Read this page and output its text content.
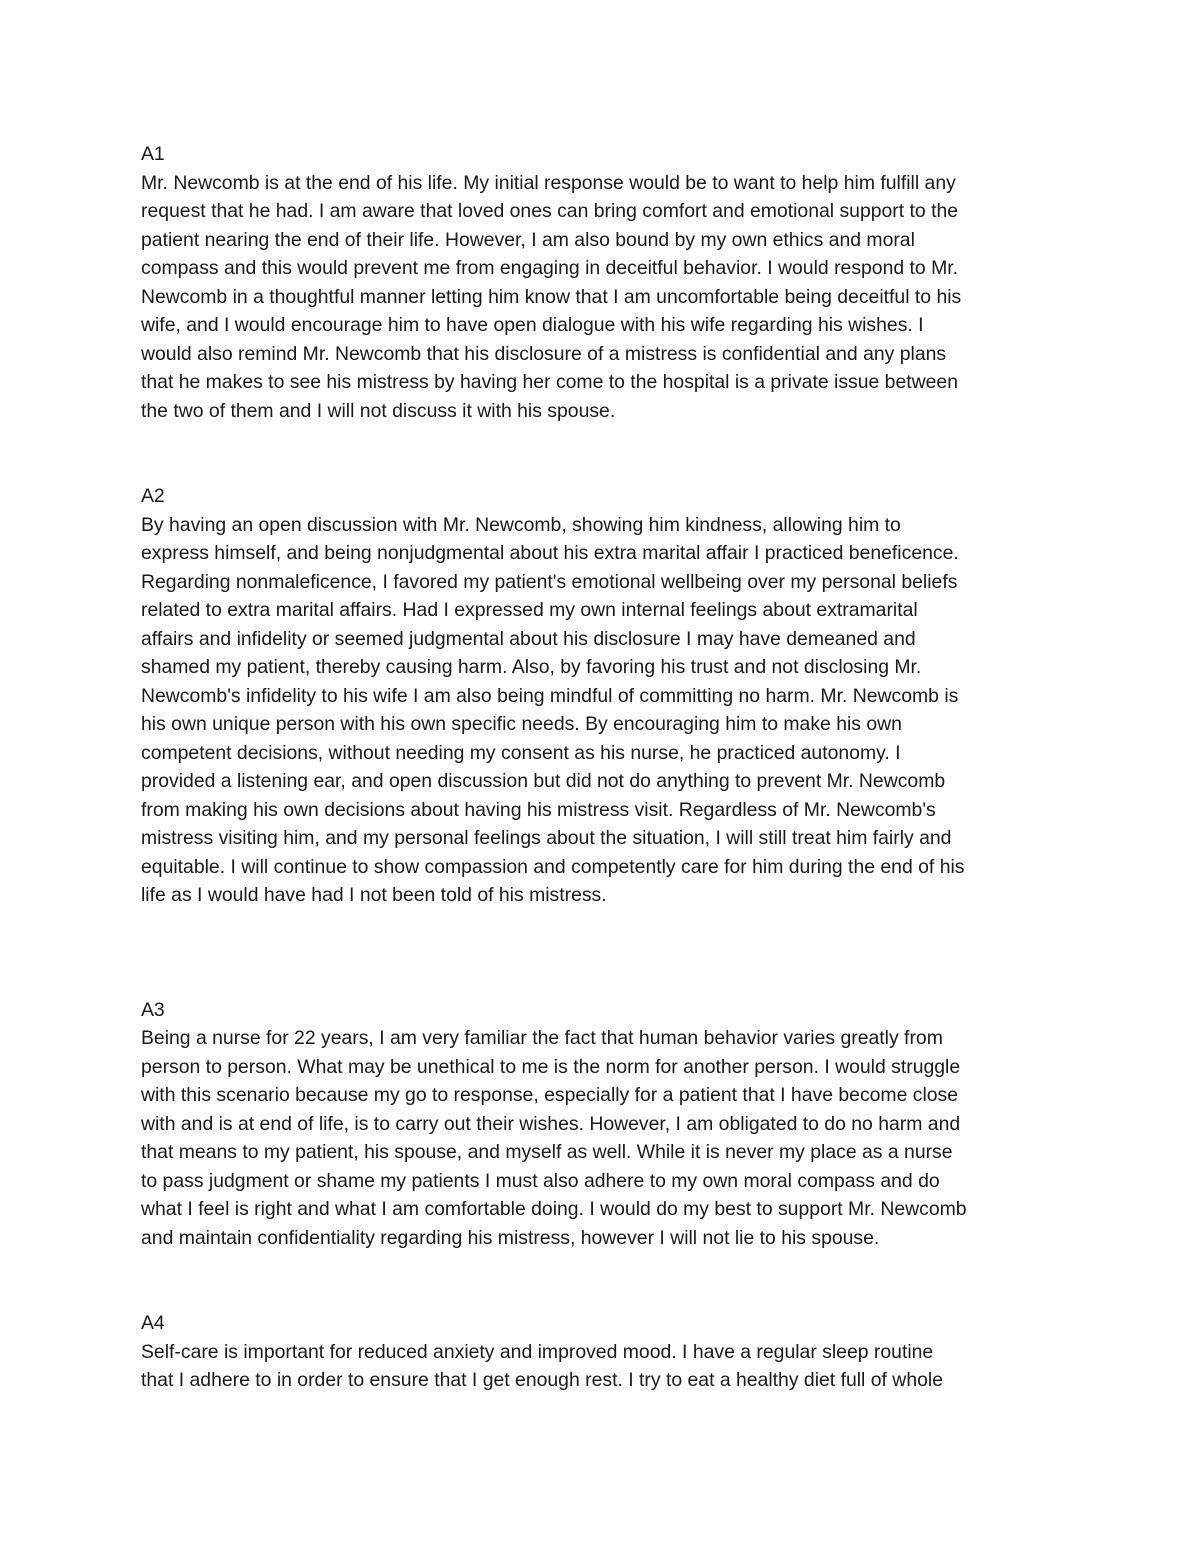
A1
Mr. Newcomb is at the end of his life. My initial response would be to want to help him fulfill any
request that he had. I am aware that loved ones can bring comfort and emotional support to the
patient nearing the end of their life. However, I am also bound by my own ethics and moral
compass and this would prevent me from engaging in deceitful behavior. I would respond to Mr.
Newcomb in a thoughtful manner letting him know that I am uncomfortable being deceitful to his
wife, and I would encourage him to have open dialogue with his wife regarding his wishes. I
would also remind Mr. Newcomb that his disclosure of a mistress is confidential and any plans
that he makes to see his mistress by having her come to the hospital is a private issue between
the two of them and I will not discuss it with his spouse.
A2
By having an open discussion with Mr. Newcomb, showing him kindness, allowing him to
express himself, and being nonjudgmental about his extra marital affair I practiced beneficence.
Regarding nonmaleficence, I favored my patient's emotional wellbeing over my personal beliefs
related to extra marital affairs. Had I expressed my own internal feelings about extramarital
affairs and infidelity or seemed judgmental about his disclosure I may have demeaned and
shamed my patient, thereby causing harm. Also, by favoring his trust and not disclosing Mr.
Newcomb's infidelity to his wife I am also being mindful of committing no harm. Mr. Newcomb is
his own unique person with his own specific needs. By encouraging him to make his own
competent decisions, without needing my consent as his nurse, he practiced autonomy. I
provided a listening ear, and open discussion but did not do anything to prevent Mr. Newcomb
from making his own decisions about having his mistress visit. Regardless of Mr. Newcomb's
mistress visiting him, and my personal feelings about the situation, I will still treat him fairly and
equitable. I will continue to show compassion and competently care for him during the end of his
life as I would have had I not been told of his mistress.
A3
Being a nurse for 22 years, I am very familiar the fact that human behavior varies greatly from
person to person. What may be unethical to me is the norm for another person. I would struggle
with this scenario because my go to response, especially for a patient that I have become close
with and is at end of life, is to carry out their wishes. However, I am obligated to do no harm and
that means to my patient, his spouse, and myself as well. While it is never my place as a nurse
to pass judgment or shame my patients I must also adhere to my own moral compass and do
what I feel is right and what I am comfortable doing. I would do my best to support Mr. Newcomb
and maintain confidentiality regarding his mistress, however I will not lie to his spouse.
A4
Self-care is important for reduced anxiety and improved mood. I have a regular sleep routine
that I adhere to in order to ensure that I get enough rest. I try to eat a healthy diet full of whole
